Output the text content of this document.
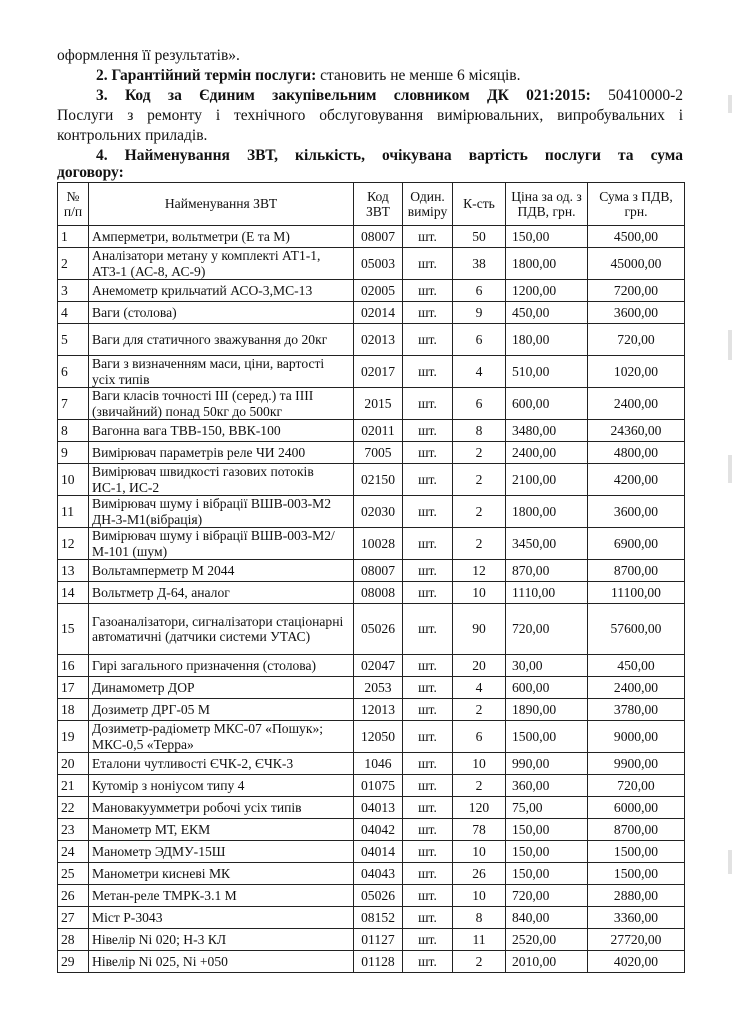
оформлення її результатів».
2. Гарантійний термін послуги: становить не менше 6 місяців.
3. Код за Єдиним закупівельним словником ДК 021:2015: 50410000-2
Послуги з ремонту і технічного обслуговування вимірювальних, випробувальних і
контрольних приладів.
4. Найменування ЗВТ, кількість, очікувана вартість послуги та сума
договору:
№ п/п	Найменування ЗВТ	Код ЗВТ	Один. виміру	К-сть	Ціна за од. з ПДВ, грн.	Сума з ПДВ, грн.
1	Амперметри, вольтметри (Е та М)	08007	шт.	50	150,00	4500,00
2	Аналізатори метану у комплекті АТ1-1, АТ3-1 (АС-8, АС-9)	05003	шт.	38	1800,00	45000,00
3	Анемометр крильчатий АСО-3,МС-13	02005	шт.	6	1200,00	7200,00
4	Ваги (столова)	02014	шт.	9	450,00	3600,00
5	Ваги для статичного зважування до 20кг	02013	шт.	6	180,00	720,00
6	Ваги з визначенням маси, ціни, вартості усіх типів	02017	шт.	4	510,00	1020,00
7	Ваги класів точності III (серед.) та IIII (звичайний) понад 50кг до 500кг	2015	шт.	6	600,00	2400,00
8	Вагонна вага ТВВ-150, ВВК-100	02011	шт.	8	3480,00	24360,00
9	Вимірювач параметрів реле ЧИ 2400	7005	шт.	2	2400,00	4800,00
10	Вимірювач швидкості газових потоків ИС-1, ИС-2	02150	шт.	2	2100,00	4200,00
11	Вимірювач шуму і вібрації ВШВ-003-М2 ДН-3-М1(вібрація)	02030	шт.	2	1800,00	3600,00
12	Вимірювач шуму і вібрації ВШВ-003-М2/М-101 (шум)	10028	шт.	2	3450,00	6900,00
13	Вольтамперметр М 2044	08007	шт.	12	870,00	8700,00
14	Вольтметр Д-64, аналог	08008	шт.	10	1110,00	11100,00
15	Газоаналізатори, сигналізатори стаціонарні автоматичні (датчики системи УТАС)	05026	шт.	90	720,00	57600,00
16	Гирі загального призначення (столова)	02047	шт.	20	30,00	450,00
17	Динамометр ДОР	2053	шт.	4	600,00	2400,00
18	Дозиметр ДРГ-05 М	12013	шт.	2	1890,00	3780,00
19	Дозиметр-радіометр МКС-07 «Пошук»; МКС-0,5 «Терра»	12050	шт.	6	1500,00	9000,00
20	Еталони чутливості ЄЧК-2, ЄЧК-3	1046	шт.	10	990,00	9900,00
21	Кутомір з ноніусом типу 4	01075	шт.	2	360,00	720,00
22	Мановакуумметри робочі усіх типів	04013	шт.	120	75,00	6000,00
23	Манометр МТ, ЕКМ	04042	шт.	78	150,00	8700,00
24	Манометр ЭДМУ-15Ш	04014	шт.	10	150,00	1500,00
25	Манометри кисневі МК	04043	шт.	26	150,00	1500,00
26	Метан-реле ТМРК-3.1 М	05026	шт.	10	720,00	2880,00
27	Міст Р-3043	08152	шт.	8	840,00	3360,00
28	Нівелір Ni 020; Н-3 КЛ	01127	шт.	11	2520,00	27720,00
29	Нівелір Ni 025, Ni +050	01128	шт.	2	2010,00	4020,00
